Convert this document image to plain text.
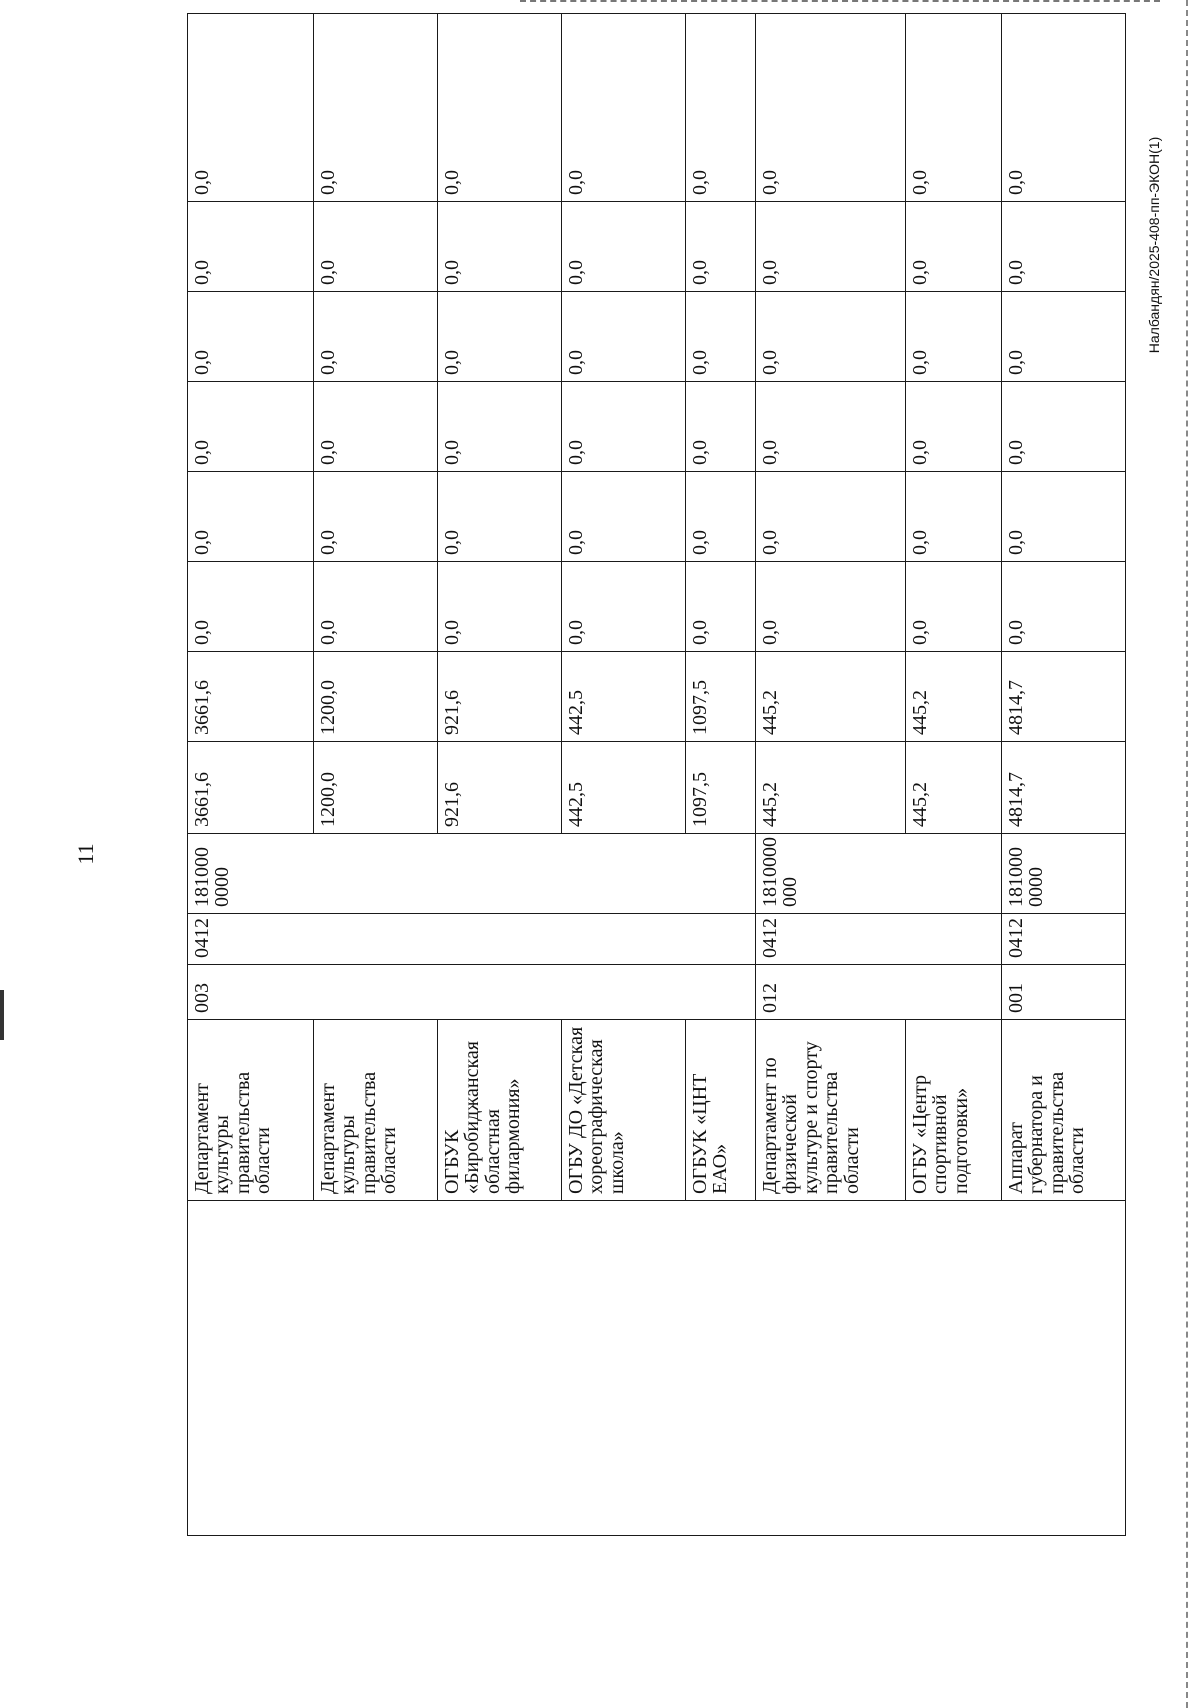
11
Налбандян/2025-408-пп-ЭКОН(1)
	Департамент культуры правительства области	003	0412	181000 0000	3661,6	3661,6	0,0	0,0	0,0	0,0	0,0	0,0
	Департамент культуры правительства области				1200,0	1200,0	0,0	0,0	0,0	0,0	0,0	0,0
	ОГБУК «Биробиджанская областная филармония»				921,6	921,6	0,0	0,0	0,0	0,0	0,0	0,0
	ОГБУ ДО «Детская хореографическая школа»				442,5	442,5	0,0	0,0	0,0	0,0	0,0	0,0
	ОГБУК «ЦНТ ЕАО»				1097,5	1097,5	0,0	0,0	0,0	0,0	0,0	0,0
	Департамент по физической культуре и спорту правительства области	012	0412	1810000 000	445,2	445,2	0,0	0,0	0,0	0,0	0,0	0,0
	ОГБУ «Центр спортивной подготовки»				445,2	445,2	0,0	0,0	0,0	0,0	0,0	0,0
	Аппарат губернатора и правительства области	001	0412	181000 0000	4814,7	4814,7	0,0	0,0	0,0	0,0	0,0	0,0
